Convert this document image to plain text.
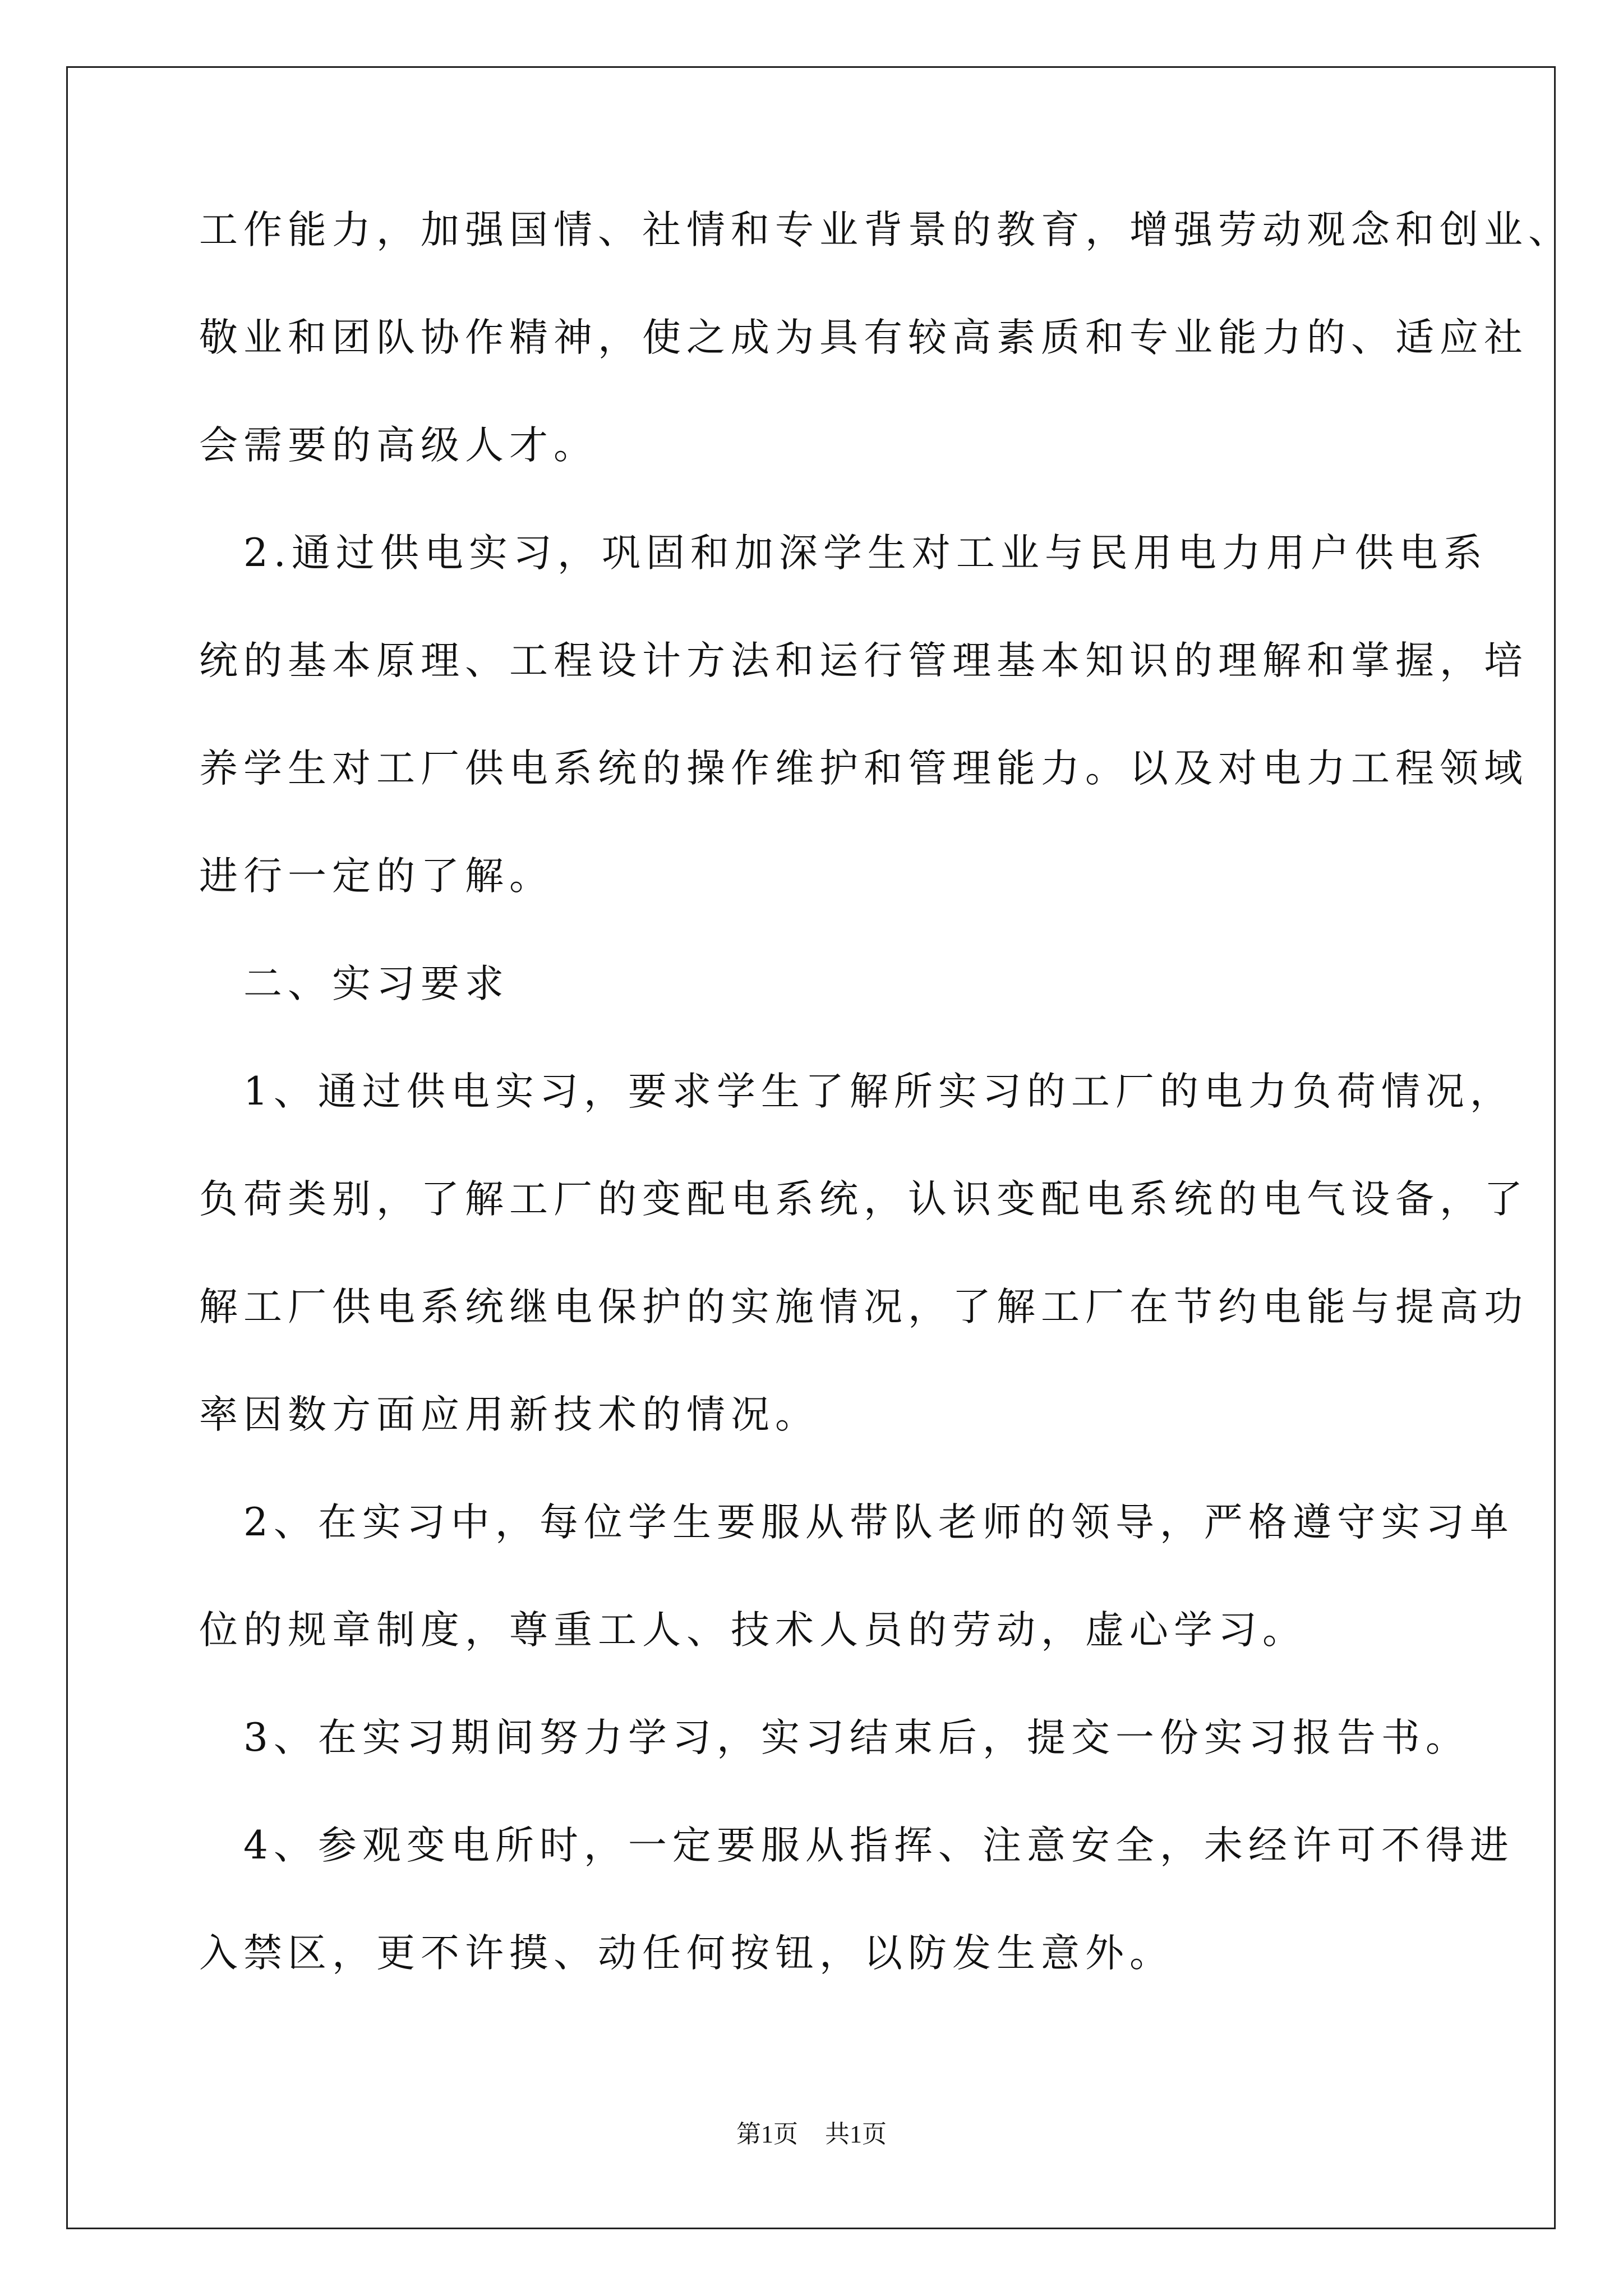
工作能力，加强国情、社情和专业背景的教育，增强劳动观念和创业、
敬业和团队协作精神，使之成为具有较高素质和专业能力的、适应社
会需要的高级人才。
　2.通过供电实习，巩固和加深学生对工业与民用电力用户供电系
统的基本原理、工程设计方法和运行管理基本知识的理解和掌握，培
养学生对工厂供电系统的操作维护和管理能力。以及对电力工程领域
进行一定的了解。
　二、实习要求
　1、通过供电实习，要求学生了解所实习的工厂的电力负荷情况，
负荷类别，了解工厂的变配电系统，认识变配电系统的电气设备，了
解工厂供电系统继电保护的实施情况，了解工厂在节约电能与提高功
率因数方面应用新技术的情况。
　2、在实习中，每位学生要服从带队老师的领导，严格遵守实习单
位的规章制度，尊重工人、技术人员的劳动，虚心学习。
　3、在实习期间努力学习，实习结束后，提交一份实习报告书。
　4、参观变电所时，一定要服从指挥、注意安全，未经许可不得进
入禁区，更不许摸、动任何按钮，以防发生意外。
第1页 共1页
